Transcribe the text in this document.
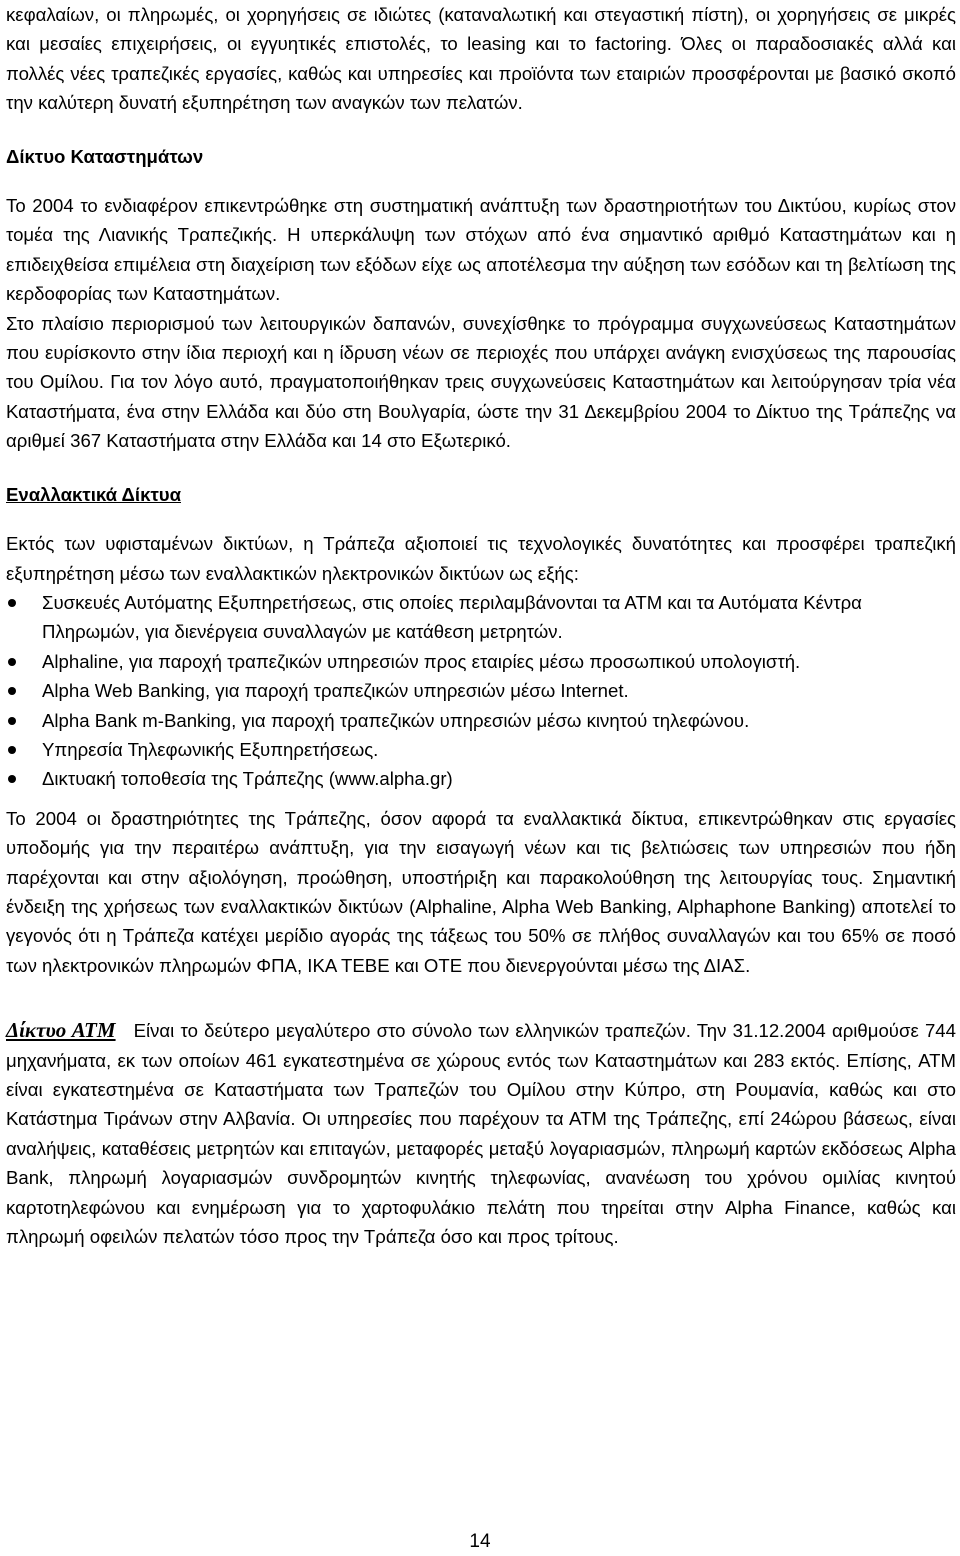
κεφαλαίων, οι πληρωμές, οι χορηγήσεις σε ιδιώτες (καταναλωτική και στεγαστική πίστη), οι χορηγήσεις σε μικρές και μεσαίες επιχειρήσεις, οι εγγυητικές επιστολές, το leasing και το factoring. Όλες οι παραδοσιακές αλλά και πολλές νέες τραπεζικές εργασίες, καθώς και υπηρεσίες και προϊόντα των εταιριών προσφέρονται με βασικό σκοπό την καλύτερη δυνατή εξυπηρέτηση των αναγκών των πελατών.

Δίκτυο Καταστημάτων

Το 2004 το ενδιαφέρον επικεντρώθηκε στη συστηματική ανάπτυξη των δραστηριοτήτων του Δικτύου, κυρίως στον τομέα της Λιανικής Τραπεζικής. Η υπερκάλυψη των στόχων από ένα σημαντικό αριθμό Καταστημάτων και η επιδειχθείσα επιμέλεια στη διαχείριση των εξόδων είχε ως αποτέλεσμα την αύξηση των εσόδων και τη βελτίωση της κερδοφορίας των Καταστημάτων.

Στο πλαίσιο περιορισμού των λειτουργικών δαπανών, συνεχίσθηκε το πρόγραμμα συγχωνεύσεως Καταστημάτων που ευρίσκοντο στην ίδια περιοχή και η ίδρυση νέων σε περιοχές που υπάρχει ανάγκη ενισχύσεως της παρουσίας του Ομίλου. Για τον λόγο αυτό, πραγματοποιήθηκαν τρεις συγχωνεύσεις Καταστημάτων και λειτούργησαν τρία νέα Καταστήματα, ένα στην Ελλάδα και δύο στη Βουλγαρία, ώστε την 31 Δεκεμβρίου 2004 το Δίκτυο της Τράπεζης να αριθμεί 367 Καταστήματα στην Ελλάδα και 14 στο Εξωτερικό.

Εναλλακτικά Δίκτυα

Εκτός των υφισταμένων δικτύων, η Τράπεζα αξιοποιεί τις τεχνολογικές δυνατότητες και προσφέρει τραπεζική εξυπηρέτηση μέσω των εναλλακτικών ηλεκτρονικών δικτύων ως εξής:

Συσκευές Αυτόματης Εξυπηρετήσεως, στις οποίες περιλαμβάνονται τα ΑΤΜ και τα Αυτόματα Κέντρα Πληρωμών, για διενέργεια συναλλαγών με κατάθεση μετρητών.
Alphaline, για παροχή τραπεζικών υπηρεσιών προς εταιρίες μέσω προσωπικού υπολογιστή.
Alpha Web Banking, για παροχή τραπεζικών υπηρεσιών μέσω Internet.
Alpha Bank m-Banking, για παροχή τραπεζικών υπηρεσιών μέσω κινητού τηλεφώνου.
Υπηρεσία Τηλεφωνικής Εξυπηρετήσεως.
Δικτυακή τοποθεσία της Τράπεζης (www.alpha.gr)

Το 2004 οι δραστηριότητες της Τράπεζης, όσον αφορά τα εναλλακτικά δίκτυα, επικεντρώθηκαν στις εργασίες υποδομής για την περαιτέρω ανάπτυξη, για την εισαγωγή νέων και τις βελτιώσεις των υπηρεσιών που ήδη παρέχονται και στην αξιολόγηση, προώθηση, υποστήριξη και παρακολούθηση της λειτουργίας τους. Σημαντική ένδειξη της χρήσεως των εναλλακτικών δικτύων (Alphaline, Alpha Web Banking, Alphaphone Banking) αποτελεί το γεγονός ότι η Τράπεζα κατέχει μερίδιο αγοράς της τάξεως του 50% σε πλήθος συναλλαγών και του 65% σε ποσό των ηλεκτρονικών πληρωμών ΦΠΑ, ΙΚΑ ΤΕΒΕ και ΟΤΕ που διενεργούνται μέσω της ΔΙΑΣ.

Δίκτυο ΑΤΜ Είναι το δεύτερο μεγαλύτερο στο σύνολο των ελληνικών τραπεζών. Την 31.12.2004 αριθμούσε 744 μηχανήματα, εκ των οποίων 461 εγκατεστημένα σε χώρους εντός των Καταστημάτων και 283 εκτός. Επίσης, ATM είναι εγκατεστημένα σε Καταστήματα των Τραπεζών του Ομίλου στην Κύπρο, στη Ρουμανία, καθώς και στο Κατάστημα Τιράνων στην Αλβανία. Οι υπηρεσίες που παρέχουν τα ΑΤΜ της Τράπεζης, επί 24ώρου βάσεως, είναι αναλήψεις, καταθέσεις μετρητών και επιταγών, μεταφορές μεταξύ λογαριασμών, πληρωμή καρτών εκδόσεως Alpha Bank, πληρωμή λογαριασμών συνδρομητών κινητής τηλεφωνίας, ανανέωση του χρόνου ομιλίας κινητού καρτοτηλεφώνου και ενημέρωση για το χαρτοφυλάκιο πελάτη που τηρείται στην Alpha Finance, καθώς και πληρωμή οφειλών πελατών τόσο προς την Τράπεζα όσο και προς τρίτους.

14
